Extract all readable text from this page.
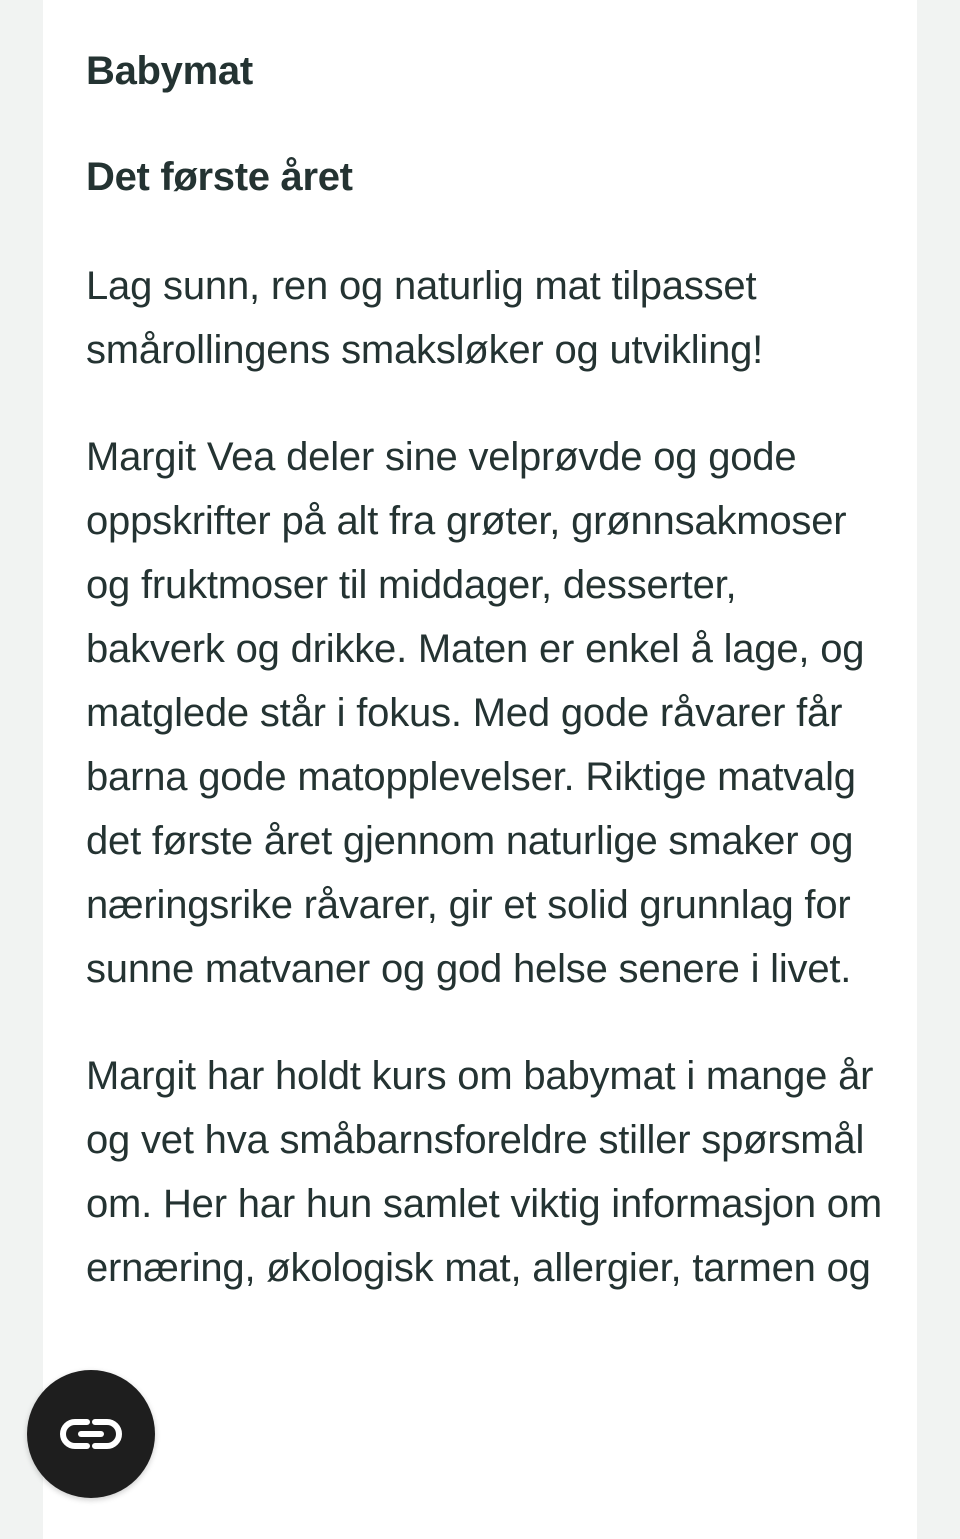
Babymat
Det første året

Lag sunn, ren og naturlig mat tilpasset smårollingens smaksløker og utvikling!

Margit Vea deler sine velprøvde og gode oppskrifter på alt fra grøter, grønnsakmoser og fruktmoser til middager, desserter, bakverk og drikke. Maten er enkel å lage, og matglede står i fokus. Med gode råvarer får barna gode matopplevelser. Riktige matvalg det første året gjennom naturlige smaker og næringsrike råvarer, gir et solid grunnlag for sunne matvaner og god helse senere i livet.

Margit har holdt kurs om babymat i mange år og vet hva småbarnsforeldre stiller spørsmål om. Her har hun samlet viktig informasjon om ernæring, økologisk mat, allergier, tarmen og
